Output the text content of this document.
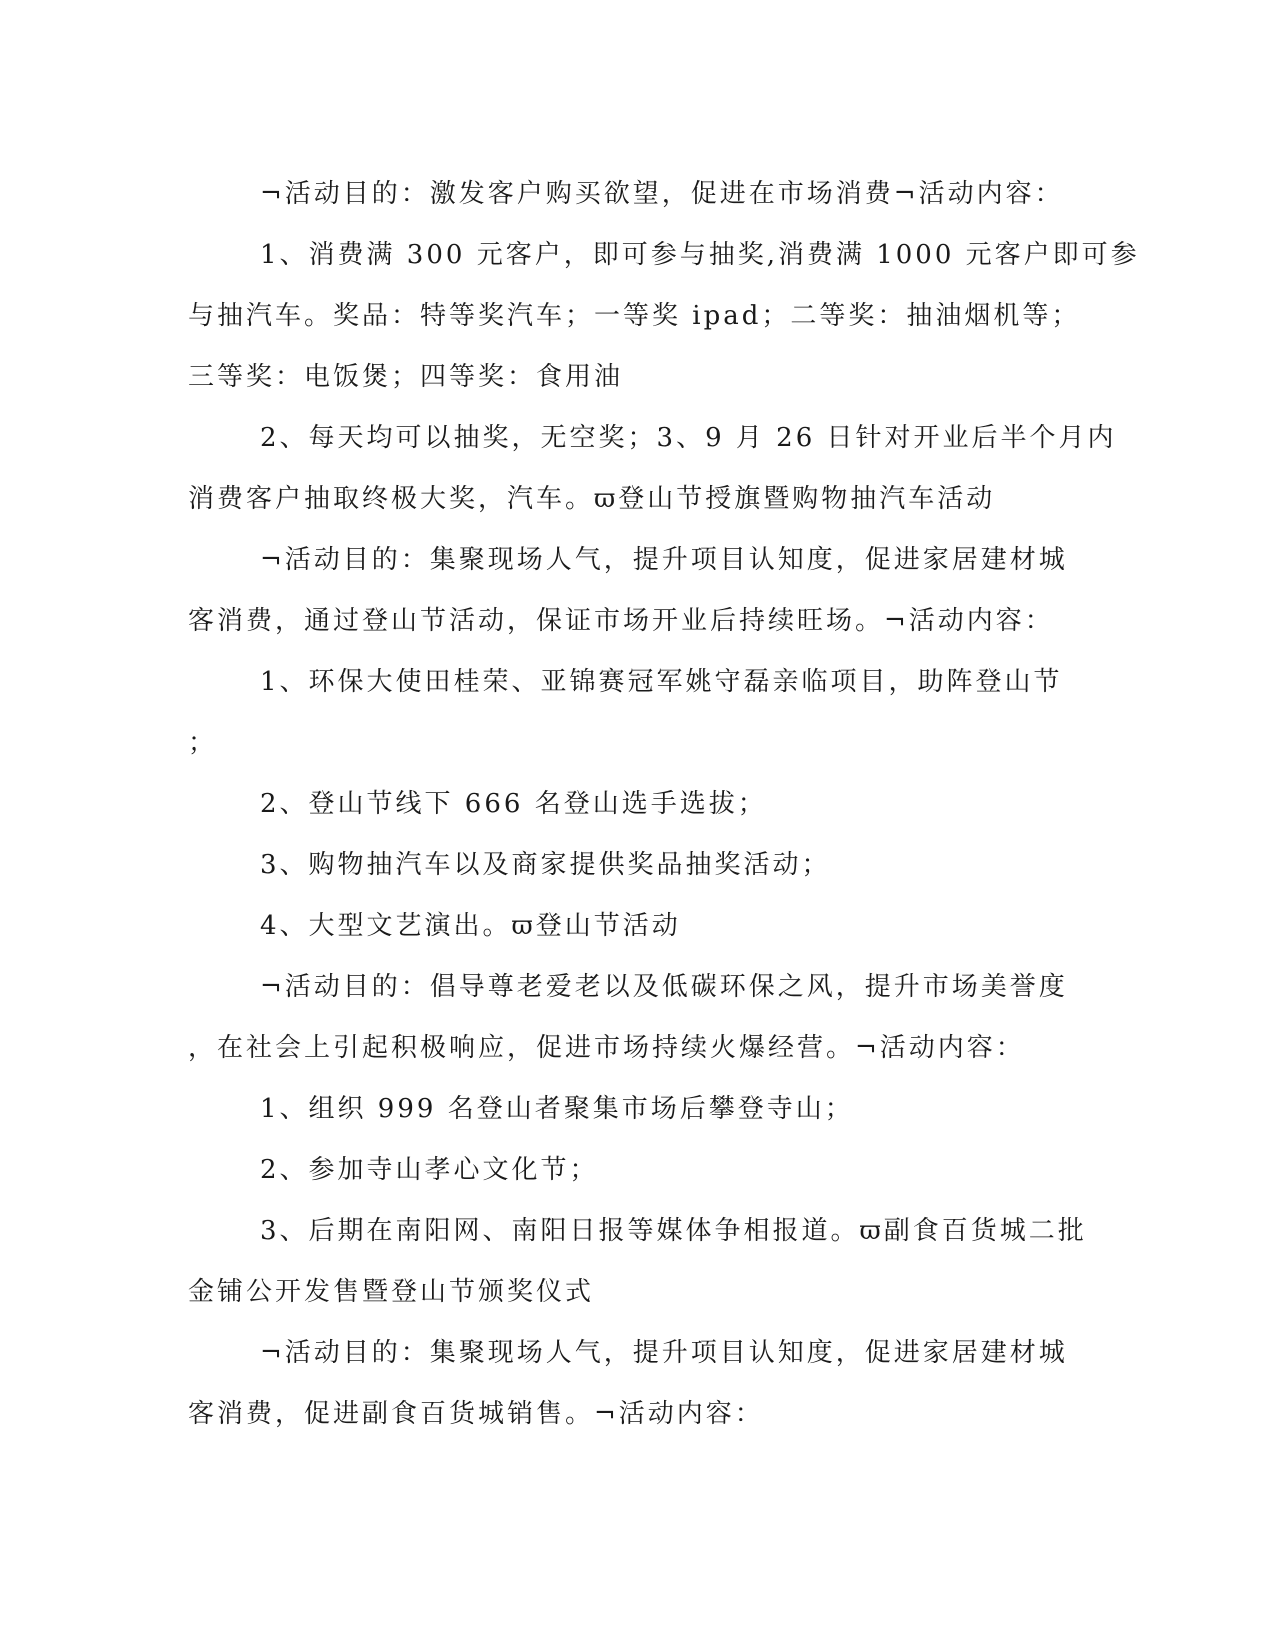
¬活动目的：激发客户购买欲望，促进在市场消费¬活动内容：
1、消费满 300 元客户，即可参与抽奖,消费满 1000 元客户即可参
与抽汽车。奖品：特等奖汽车；一等奖 ipad；二等奖：抽油烟机等；
三等奖：电饭煲；四等奖：食用油
2、每天均可以抽奖，无空奖；3、9 月 26 日针对开业后半个月内
消费客户抽取终极大奖，汽车。ϖ登山节授旗暨购物抽汽车活动
¬活动目的：集聚现场人气，提升项目认知度，促进家居建材城
客消费，通过登山节活动，保证市场开业后持续旺场。¬活动内容：
1、环保大使田桂荣、亚锦赛冠军姚守磊亲临项目，助阵登山节
；
2、登山节线下 666 名登山选手选拔；
3、购物抽汽车以及商家提供奖品抽奖活动；
4、大型文艺演出。ϖ登山节活动
¬活动目的：倡导尊老爱老以及低碳环保之风，提升市场美誉度
，在社会上引起积极响应，促进市场持续火爆经营。¬活动内容：
1、组织 999 名登山者聚集市场后攀登寺山；
2、参加寺山孝心文化节；
3、后期在南阳网、南阳日报等媒体争相报道。ϖ副食百货城二批
金铺公开发售暨登山节颁奖仪式
¬活动目的：集聚现场人气，提升项目认知度，促进家居建材城
客消费，促进副食百货城销售。¬活动内容：
